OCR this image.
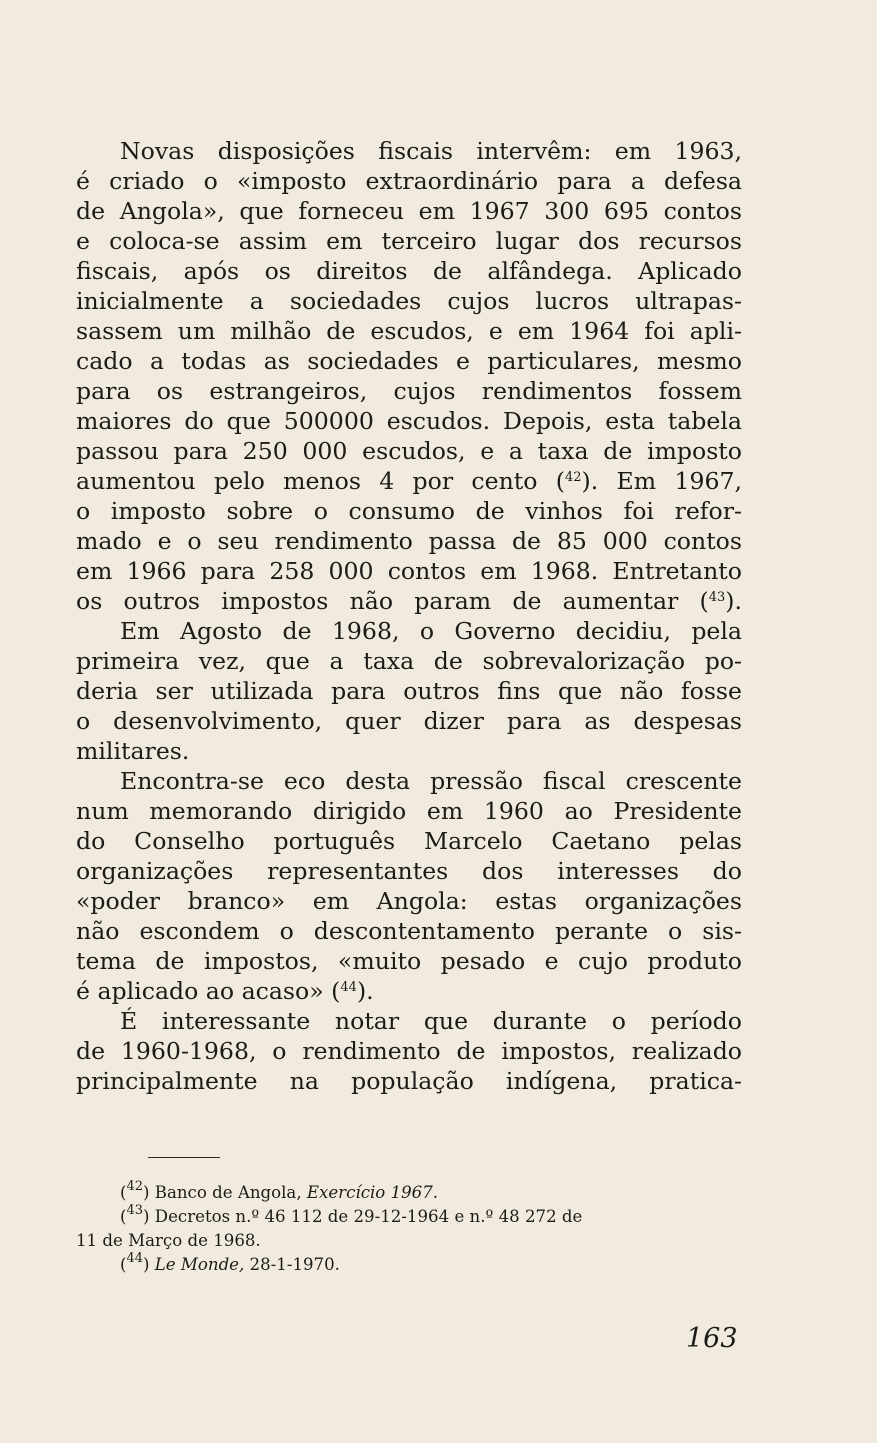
Novas disposições fiscais intervêm: em 1963,
é criado o «imposto extraordinário para a defesa
de Angola», que forneceu em 1967 300 695 contos
e coloca-se assim em terceiro lugar dos recursos
fiscais, após os direitos de alfândega. Aplicado
inicialmente a sociedades cujos lucros ultrapas-
sassem um milhão de escudos, e em 1964 foi apli-
cado a todas as sociedades e particulares, mesmo
para os estrangeiros, cujos rendimentos fossem
maiores do que 500000 escudos. Depois, esta tabela
passou para 250 000 escudos, e a taxa de imposto
aumentou pelo menos 4 por cento ($^{42}$). Em 1967,
o imposto sobre o consumo de vinhos foi refor-
mado e o seu rendimento passa de 85 000 contos
em 1966 para 258 000 contos em 1968. Entretanto
os outros impostos não param de aumentar ($^{43}$).
Em Agosto de 1968, o Governo decidiu, pela
primeira vez, que a taxa de sobrevalorização po-
deria ser utilizada para outros fins que não fosse
o desenvolvimento, quer dizer para as despesas
militares.
Encontra-se eco desta pressão fiscal crescente
num memorando dirigido em 1960 ao Presidente
do Conselho português Marcelo Caetano pelas
organizações representantes dos interesses do
«poder branco» em Angola: estas organizações
não escondem o descontentamento perante o sis-
tema de impostos, «muito pesado e cujo produto
é aplicado ao acaso» ($^{44}$).
É interessante notar que durante o período
de 1960-1968, o rendimento de impostos, realizado
principalmente na população indígena, pratica-
($^{42}$) Banco de Angola, Exercício 1967.
($^{43}$) Decretos n.º 46 112 de 29-12-1964 e n.º 48 272 de
11 de Março de 1968.
($^{44}$) Le Monde, 28-1-1970.
163
